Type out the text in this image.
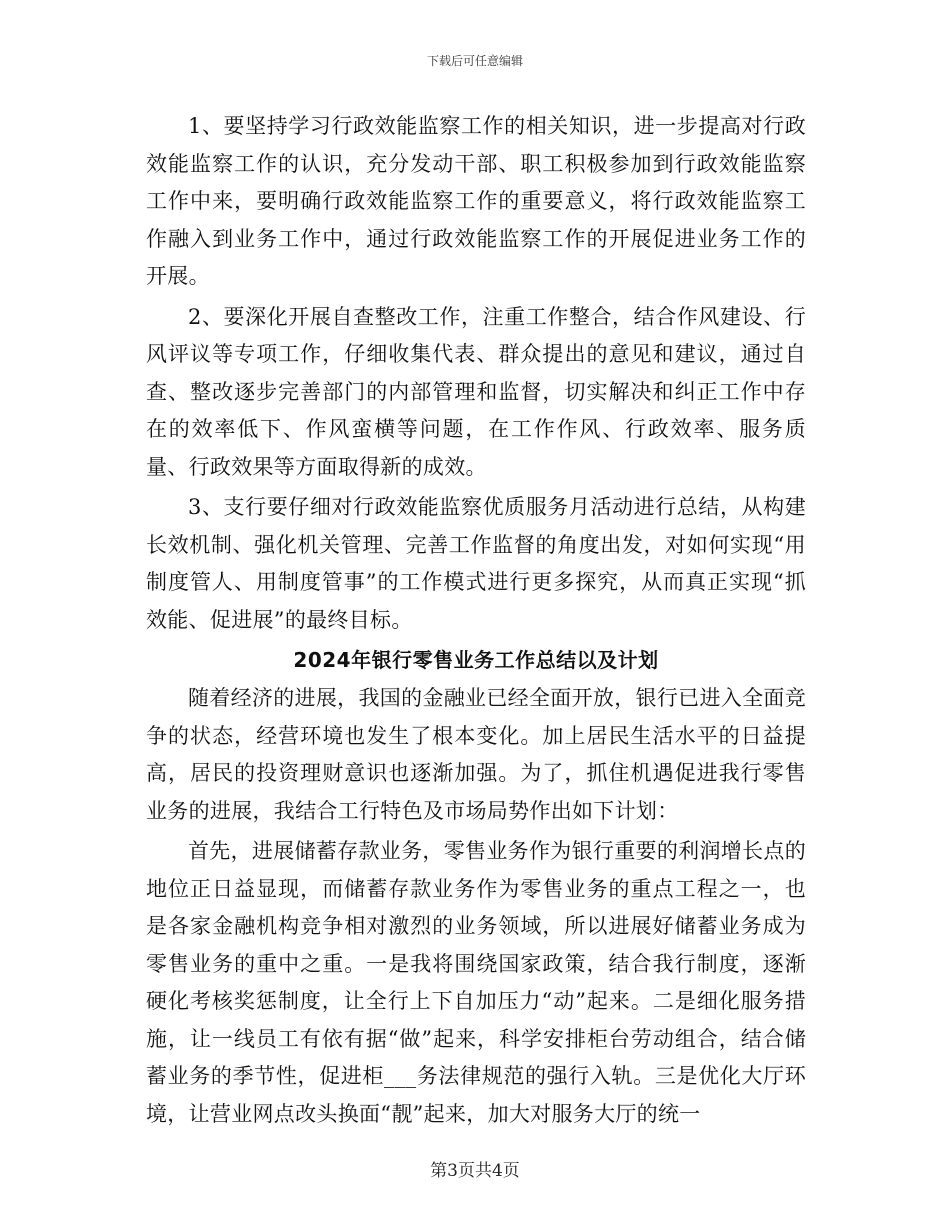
下载后可任意编辑

1、要坚持学习行政效能监察工作的相关知识，进一步提高对行政效能监察工作的认识，充分发动干部、职工积极参加到行政效能监察工作中来，要明确行政效能监察工作的重要意义，将行政效能监察工作融入到业务工作中，通过行政效能监察工作的开展促进业务工作的开展。

2、要深化开展自查整改工作，注重工作整合，结合作风建设、行风评议等专项工作，仔细收集代表、群众提出的意见和建议，通过自查、整改逐步完善部门的内部管理和监督，切实解决和纠正工作中存在的效率低下、作风蛮横等问题，在工作作风、行政效率、服务质量、行政效果等方面取得新的成效。

3、支行要仔细对行政效能监察优质服务月活动进行总结，从构建长效机制、强化机关管理、完善工作监督的角度出发，对如何实现“用制度管人、用制度管事”的工作模式进行更多探究，从而真正实现“抓效能、促进展”的最终目标。

2024年银行零售业务工作总结以及计划

随着经济的进展，我国的金融业已经全面开放，银行已进入全面竞争的状态，经营环境也发生了根本变化。加上居民生活水平的日益提高，居民的投资理财意识也逐渐加强。为了，抓住机遇促进我行零售业务的进展，我结合工行特色及市场局势作出如下计划：

首先，进展储蓄存款业务，零售业务作为银行重要的利润增长点的地位正日益显现，而储蓄存款业务作为零售业务的重点工程之一，也是各家金融机构竞争相对激烈的业务领域，所以进展好储蓄业务成为零售业务的重中之重。一是我将围绕国家政策，结合我行制度，逐渐硬化考核奖惩制度，让全行上下自加压力“动”起来。二是细化服务措施，让一线员工有依有据“做”起来，科学安排柜台劳动组合，结合储蓄业务的季节性，促进柜___务法律规范的强行入轨。三是优化大厅环境，让营业网点改头换面“靓”起来，加大对服务大厅的统一

第3页共4页
